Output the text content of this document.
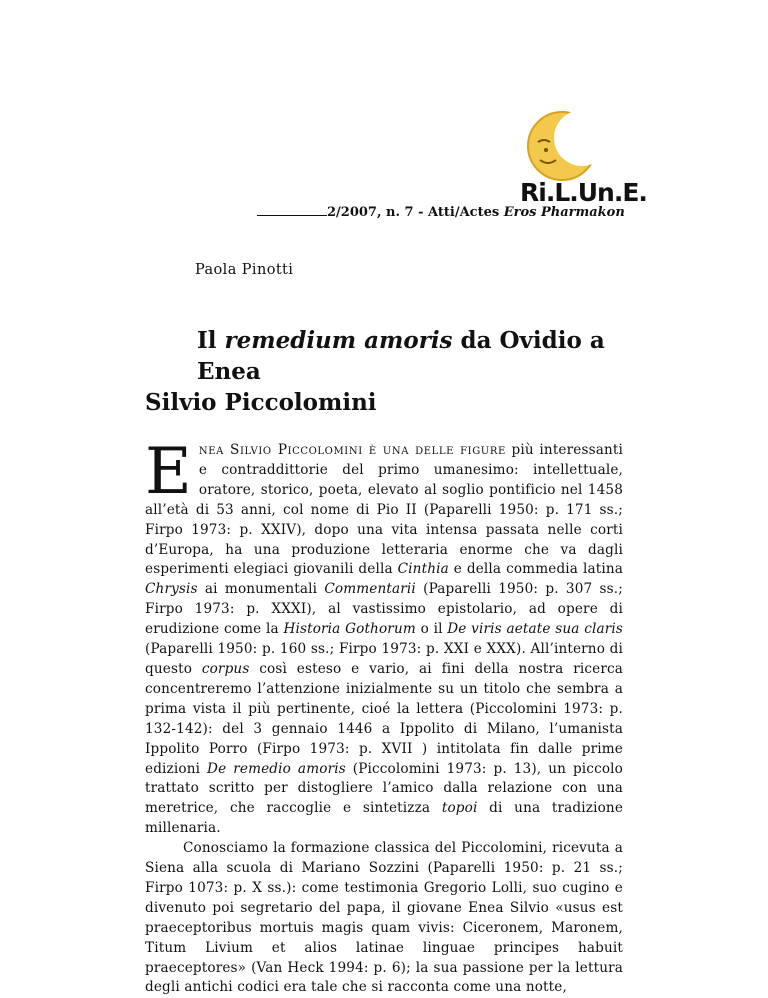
Ri.L.Un.E.
2/2007, n. 7 - Atti/Actes Eros Pharmakon
Paola Pinotti
Il remedium amoris da Ovidio a Enea
Silvio Piccolomini

Enea Silvio Piccolomini è una delle figure più interessanti e contraddittorie del primo umanesimo: intellettuale, oratore, storico, poeta, elevato al soglio pontificio nel 1458 all’età di 53 anni, col nome di Pio II (Paparelli 1950: p. 171 ss.; Firpo 1973: p. XXIV), dopo una vita intensa passata nelle corti d’Europa, ha una produzione letteraria enorme che va dagli esperimenti elegiaci giovanili della Cinthia e della commedia latina Chrysis ai monumentali Commentarii (Paparelli 1950: p. 307 ss.; Firpo 1973: p. XXXI), al vastissimo epistolario, ad opere di erudizione come la Historia Gothorum o il De viris aetate sua claris (Paparelli 1950: p. 160 ss.; Firpo 1973: p. XXI e XXX). All’interno di questo corpus così esteso e vario, ai fini della nostra ricerca concentreremo l’attenzione inizialmente su un titolo che sembra a prima vista il più pertinente, cioé la lettera (Piccolomini 1973: p. 132-142): del 3 gennaio 1446 a Ippolito di Milano, l’umanista Ippolito Porro (Firpo 1973: p. XVII ) intitolata fin dalle prime edizioni De remedio amoris (Piccolomini 1973: p. 13), un piccolo trattato scritto per distogliere l’amico dalla relazione con una meretrice, che raccoglie e sintetizza topoi di una tradizione millenaria.

Conosciamo la formazione classica del Piccolomini, ricevuta a Siena alla scuola di Mariano Sozzini (Paparelli 1950: p. 21 ss.; Firpo 1073: p. X ss.): come testimonia Gregorio Lolli, suo cugino e divenuto poi segretario del papa, il giovane Enea Silvio «usus est praeceptoribus mortuis magis quam vivis: Ciceronem, Maronem, Titum Livium et alios latinae linguae principes habuit praeceptores» (Van Heck 1994: p. 6); la sua passione per la lettura degli antichi codici era tale che si racconta come una notte,
